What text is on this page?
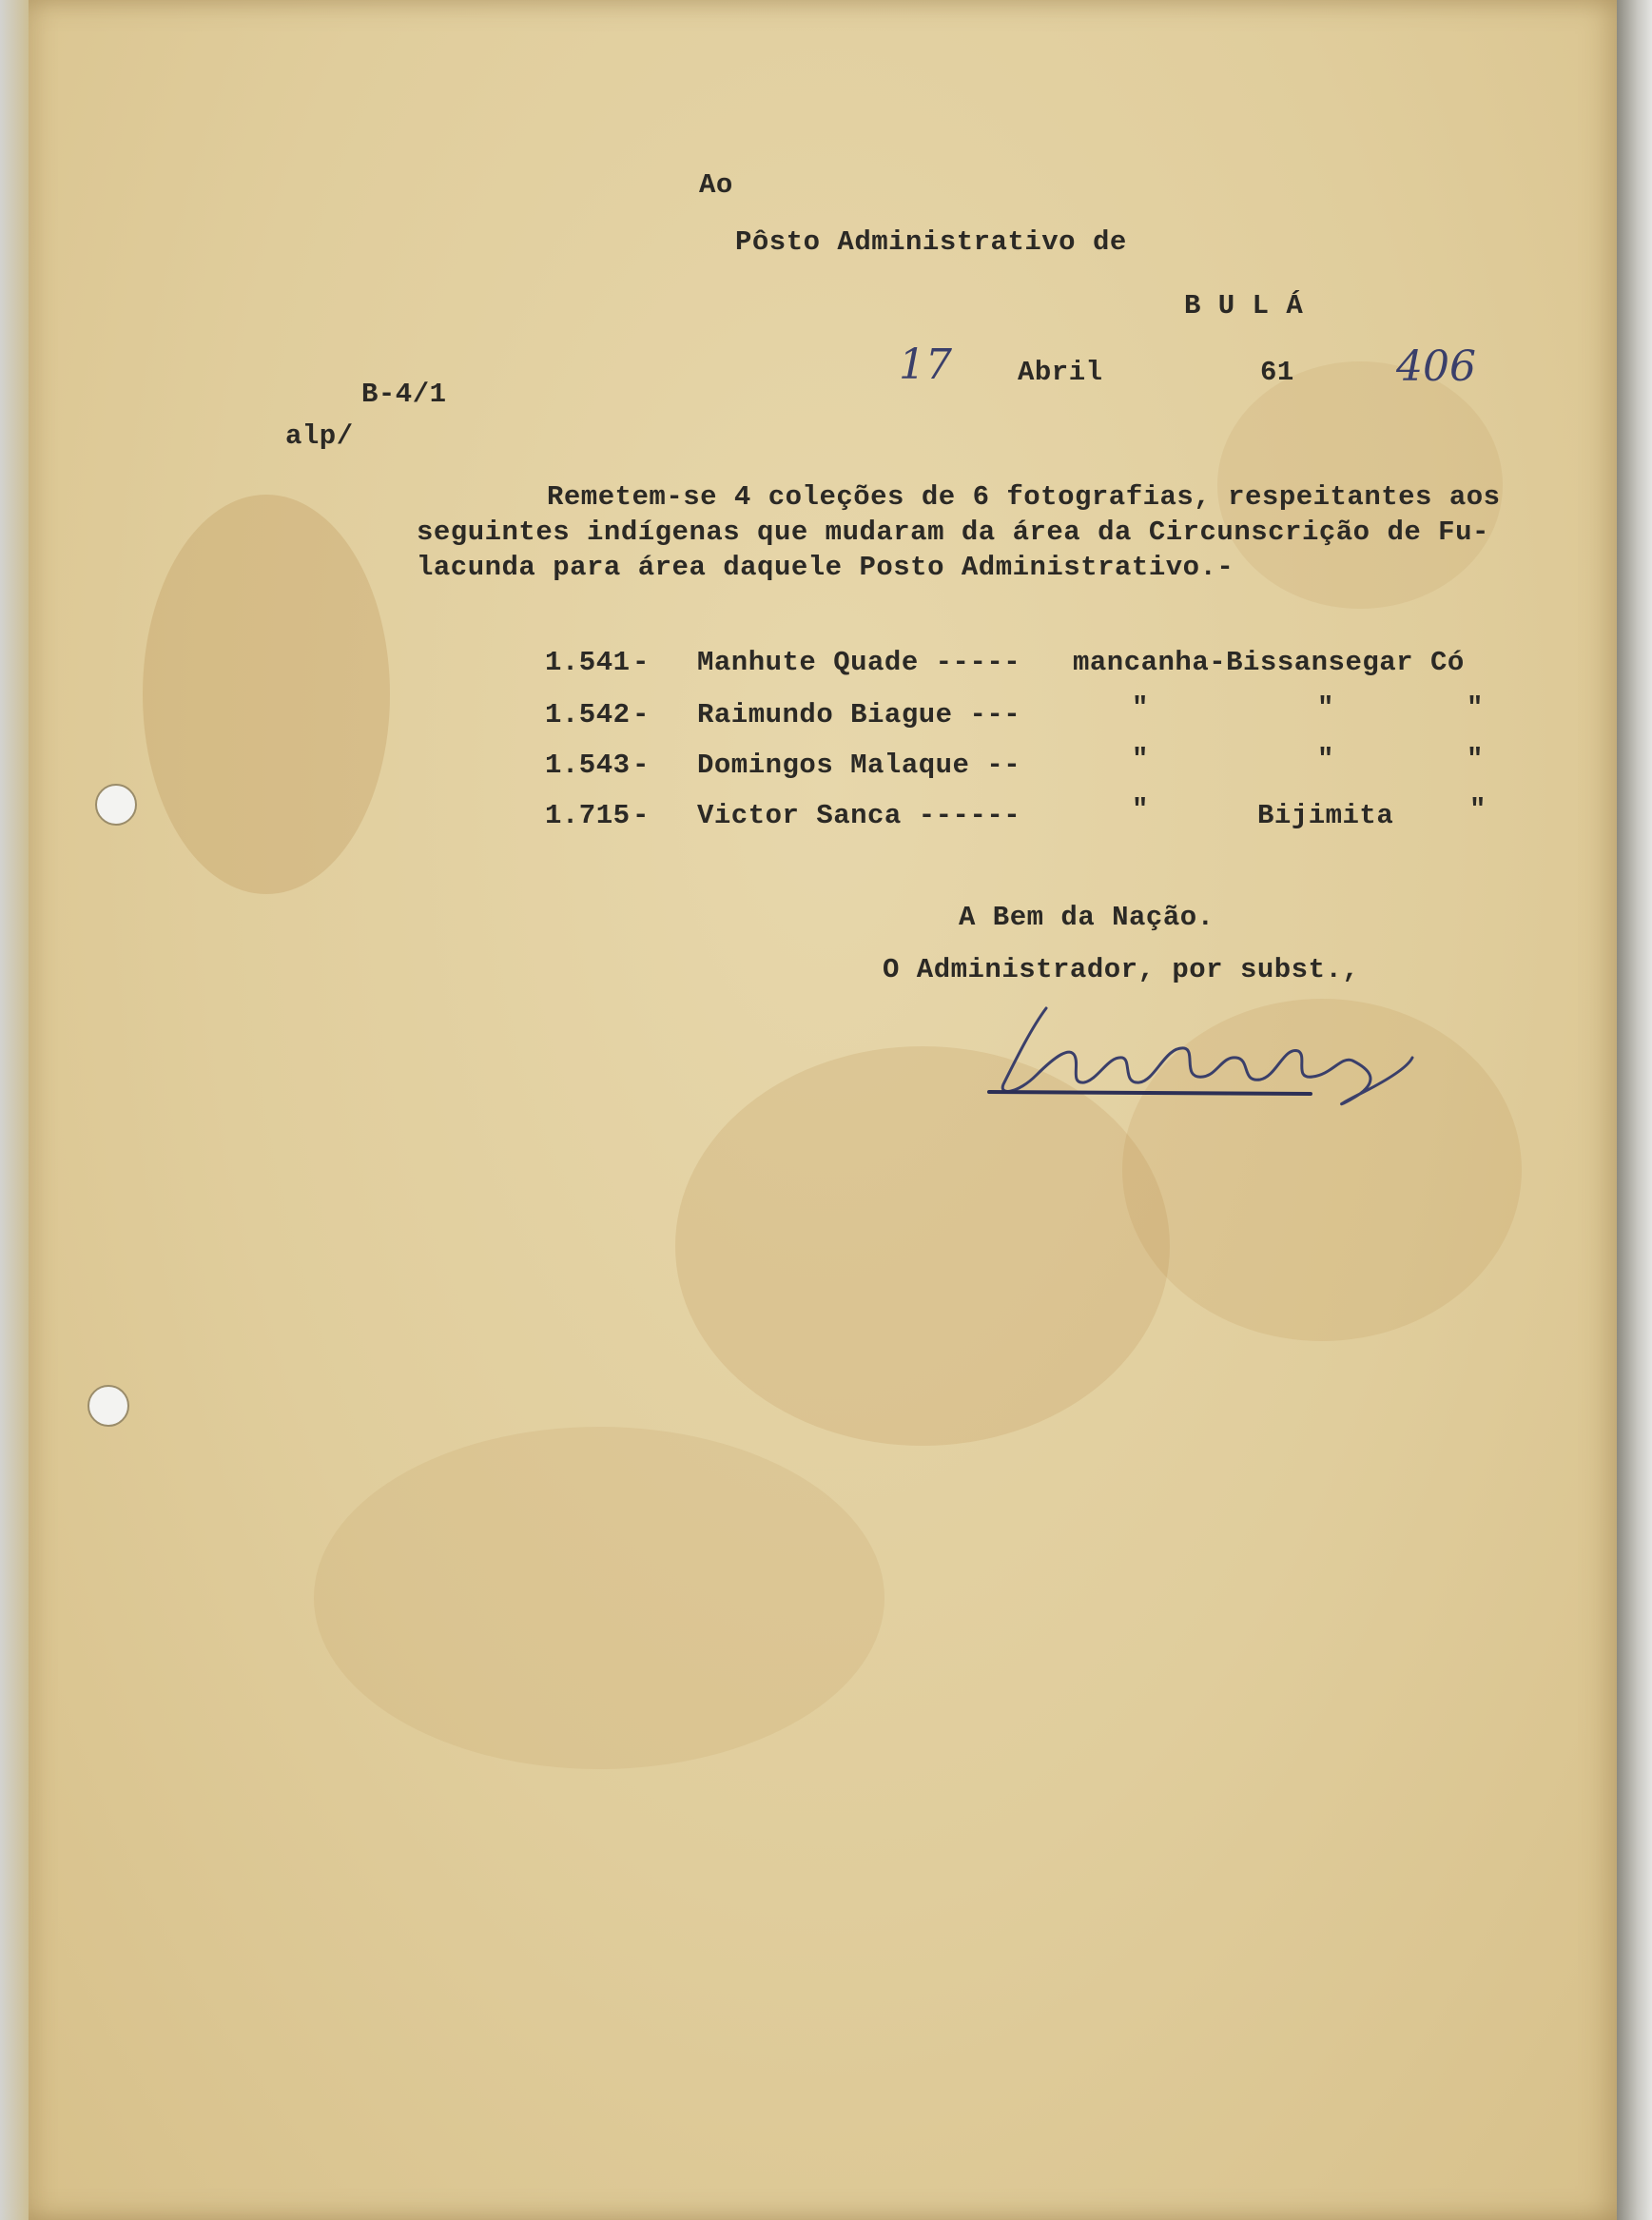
Ao
Pôsto Administrativo de
B U L Á
17 Abril	61 406
B-4/1
alp/
Remetem-se 4 coleções de 6 fotografias, respeitantes aos
seguintes indígenas que mudaram da área da Circunscrição de Fu-
lacunda para área daquele Posto Administrativo.-
1.541 - Manhute Quade ----- mancanha-Bissansegar Có
1.542 - Raimundo Biague ---	"	"	"
1.543 - Domingos Malaque --	"	"	"
1.715 - Victor Sanca ------	"	Bijimita	"
A Bem da Nação.
O Administrador, por subst.,
